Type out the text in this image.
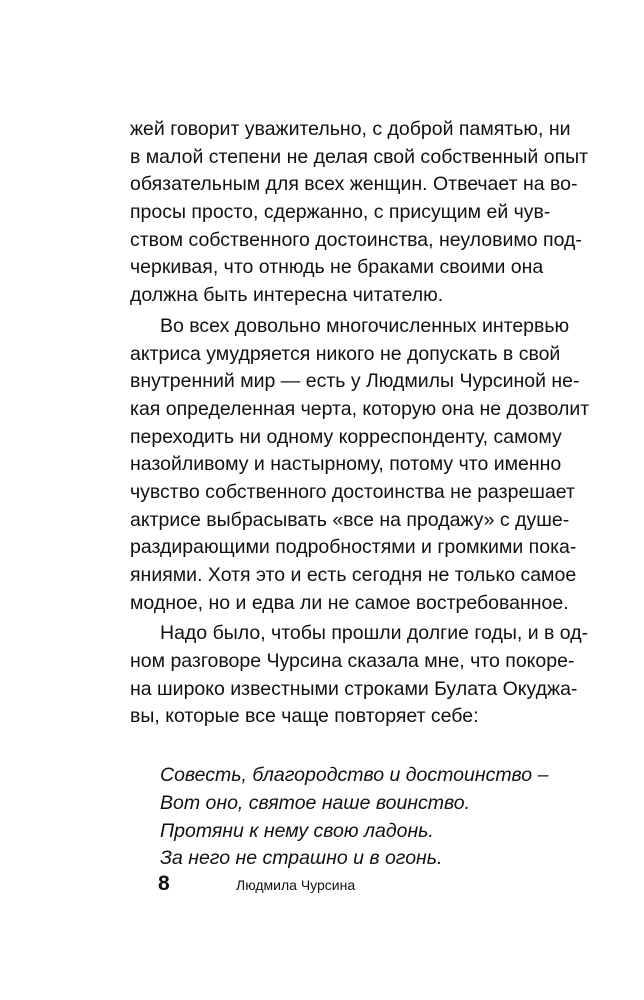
жей говорит уважительно, с доброй памятью, ни
в малой степени не делая свой собственный опыт
обязательным для всех женщин. Отвечает на во-
просы просто, сдержанно, с присущим ей чув-
ством собственного достоинства, неуловимо под-
черкивая, что отнюдь не браками своими она
должна быть интересна читателю.
Во всех довольно многочисленных интервью
актриса умудряется никого не допускать в свой
внутренний мир — есть у Людмилы Чурсиной не-
кая определенная черта, которую она не дозволит
переходить ни одному корреспонденту, самому
назойливому и настырному, потому что именно
чувство собственного достоинства не разрешает
актрисе выбрасывать «все на продажу» с душе-
раздирающими подробностями и громкими пока-
яниями. Хотя это и есть сегодня не только самое
модное, но и едва ли не самое востребованное.
Надо было, чтобы прошли долгие годы, и в од-
ном разговоре Чурсина сказала мне, что покоре-
на широко известными строками Булата Окуджа-
вы, которые все чаще повторяет себе:
Совесть, благородство и достоинство –
Вот оно, святое наше воинство.
Протяни к нему свою ладонь.
За него не страшно и в огонь.
8	Людмила Чурсина
